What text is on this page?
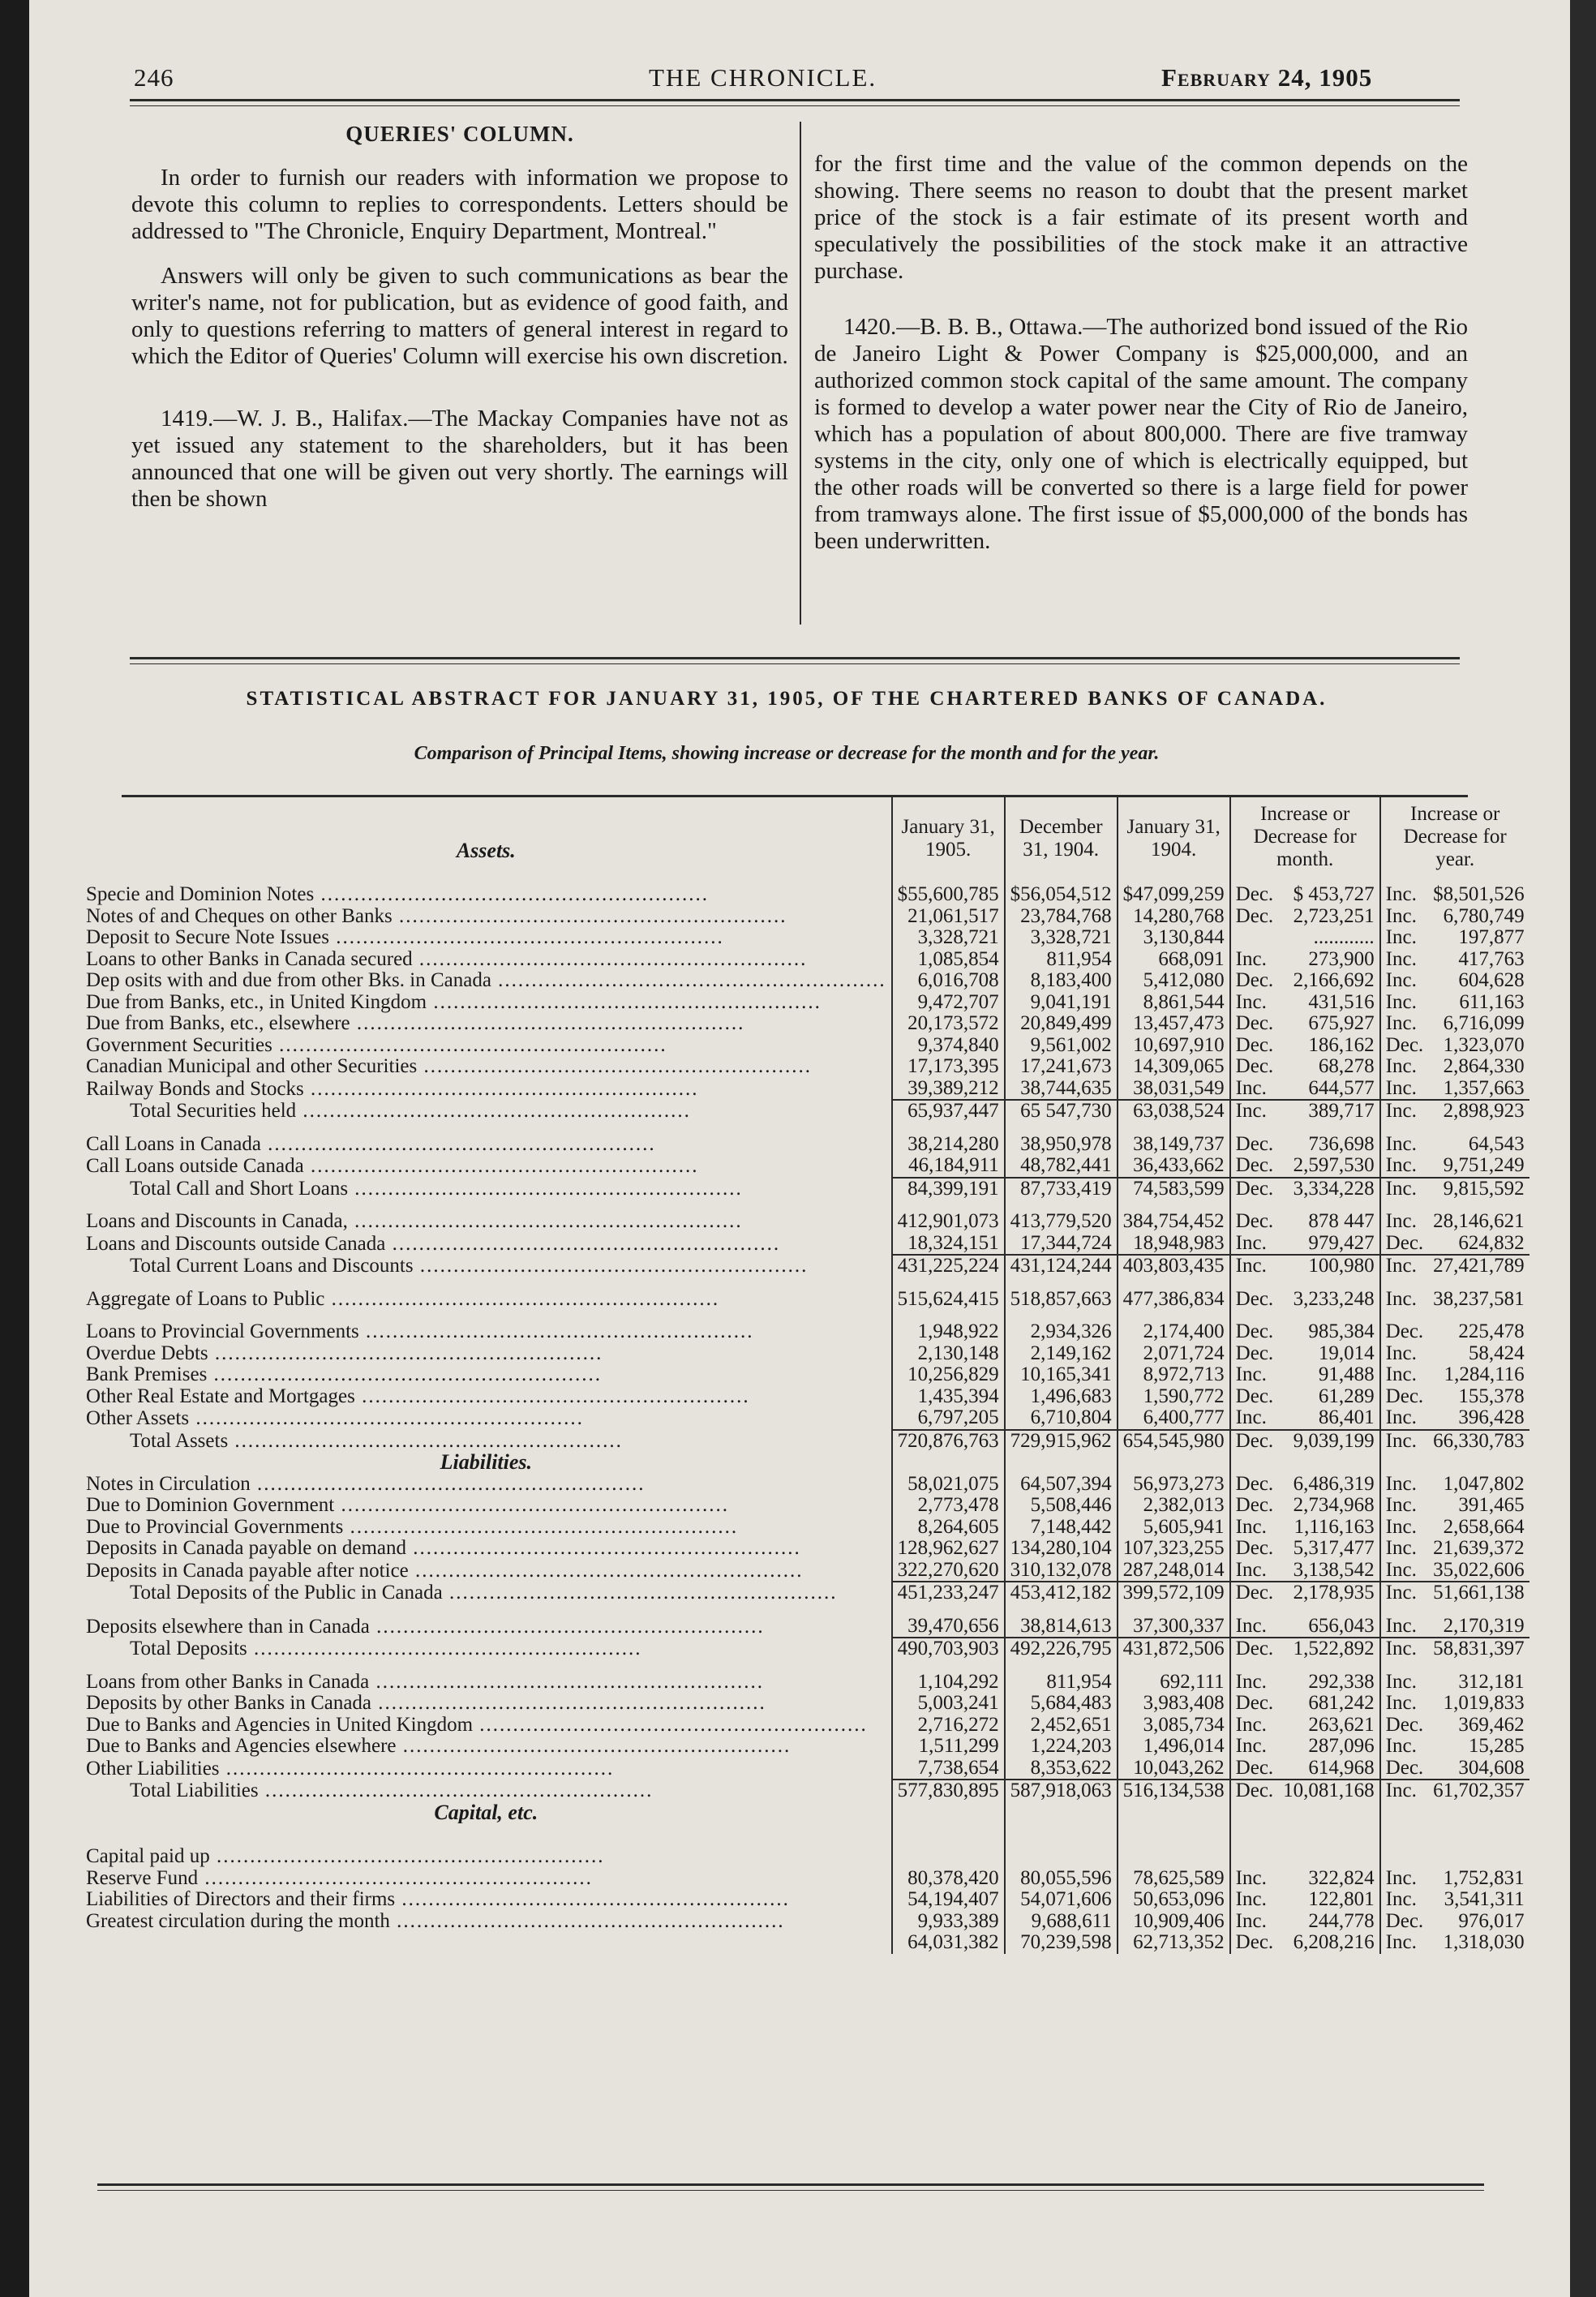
246	THE CHRONICLE.	February 24, 1905
QUERIES' COLUMN.

In order to furnish our readers with information we propose to devote this column to replies to correspondents. Letters should be addressed to "The Chronicle, Enquiry Department, Montreal."

Answers will only be given to such communications as bear the writer's name, not for publication, but as evidence of good faith, and only to questions referring to matters of general interest in regard to which the Editor of Queries' Column will exercise his own discretion.

1419.—W. J. B., Halifax.—The Mackay Companies have not as yet issued any statement to the shareholders, but it has been announced that one will be given out very shortly. The earnings will then be shown

for the first time and the value of the common depends on the showing. There seems no reason to doubt that the present market price of the stock is a fair estimate of its present worth and speculatively the possibilities of the stock make it an attractive purchase.

1420.—B. B. B., Ottawa.—The authorized bond issued of the Rio de Janeiro Light & Power Company is $25,000,000, and an authorized common stock capital of the same amount. The company is formed to develop a water power near the City of Rio de Janeiro, which has a population of about 800,000. There are five tramway systems in the city, only one of which is electrically equipped, but the other roads will be converted so there is a large field for power from tramways alone. The first issue of $5,000,000 of the bonds has been underwritten.

STATISTICAL ABSTRACT FOR JANUARY 31, 1905, OF THE CHARTERED BANKS OF CANADA.
Comparison of Principal Items, showing increase or decrease for the month and for the year.
Assets.	January 31, 1905.	December 31, 1904.	January 31, 1904.	Increase or Decrease for month.		Increase or Decrease for year.	
Specie and Dominion Notes ..........................................................	$55,600,785	$56,054,512	$47,099,259	Dec.	$ 453,727	Inc.	$8,501,526
Notes of and Cheques on other Banks ..........................................................	21,061,517	23,784,768	14,280,768	Dec.	2,723,251	Inc.	6,780,749
Deposit to Secure Note Issues ..........................................................	3,328,721	3,328,721	3,130,844		............	Inc.	197,877
Loans to other Banks in Canada secured ..........................................................	1,085,854	811,954	668,091	Inc.	273,900	Inc.	417,763
Dep osits with and due from other Bks. in Canada ..........................................................	6,016,708	8,183,400	5,412,080	Dec.	2,166,692	Inc.	604,628
Due from Banks, etc., in United Kingdom ..........................................................	9,472,707	9,041,191	8,861,544	Inc.	431,516	Inc.	611,163
Due from Banks, etc., elsewhere ..........................................................	20,173,572	20,849,499	13,457,473	Dec.	675,927	Inc.	6,716,099
Government Securities ..........................................................	9,374,840	9,561,002	10,697,910	Dec.	186,162	Dec.	1,323,070
Canadian Municipal and other Securities ..........................................................	17,173,395	17,241,673	14,309,065	Dec.	68,278	Inc.	2,864,330
Railway Bonds and Stocks ..........................................................	39,389,212	38,744,635	38,031,549	Inc.	644,577	Inc.	1,357,663
Total Securities held ..........................................................	65,937,447	65 547,730	63,038,524	Inc.	389,717	Inc.	2,898,923

Call Loans in Canada ..........................................................	38,214,280	38,950,978	38,149,737	Dec.	736,698	Inc.	64,543
Call Loans outside Canada ..........................................................	46,184,911	48,782,441	36,433,662	Dec.	2,597,530	Inc.	9,751,249
Total Call and Short Loans ..........................................................	84,399,191	87,733,419	74,583,599	Dec.	3,334,228	Inc.	9,815,592

Loans and Discounts in Canada, ..........................................................	412,901,073	413,779,520	384,754,452	Dec.	878 447	Inc.	28,146,621
Loans and Discounts outside Canada ..........................................................	18,324,151	17,344,724	18,948,983	Inc.	979,427	Dec.	624,832
Total Current Loans and Discounts ..........................................................	431,225,224	431,124,244	403,803,435	Inc.	100,980	Inc.	27,421,789

Aggregate of Loans to Public ..........................................................	515,624,415	518,857,663	477,386,834	Dec.	3,233,248	Inc.	38,237,581

Loans to Provincial Governments ..........................................................	1,948,922	2,934,326	2,174,400	Dec.	985,384	Dec.	225,478
Overdue Debts ..........................................................	2,130,148	2,149,162	2,071,724	Dec.	19,014	Inc.	58,424
Bank Premises ..........................................................	10,256,829	10,165,341	8,972,713	Inc.	91,488	Inc.	1,284,116
Other Real Estate and Mortgages ..........................................................	1,435,394	1,496,683	1,590,772	Dec.	61,289	Dec.	155,378
Other Assets ..........................................................	6,797,205	6,710,804	6,400,777	Inc.	86,401	Inc.	396,428
Total Assets ..........................................................	720,876,763	729,915,962	654,545,980	Dec.	9,039,199	Inc.	66,330,783
Liabilities.							
Notes in Circulation ..........................................................	58,021,075	64,507,394	56,973,273	Dec.	6,486,319	Inc.	1,047,802
Due to Dominion Government ..........................................................	2,773,478	5,508,446	2,382,013	Dec.	2,734,968	Inc.	391,465
Due to Provincial Governments ..........................................................	8,264,605	7,148,442	5,605,941	Inc.	1,116,163	Inc.	2,658,664
Deposits in Canada payable on demand ..........................................................	128,962,627	134,280,104	107,323,255	Dec.	5,317,477	Inc.	21,639,372
Deposits in Canada payable after notice ..........................................................	322,270,620	310,132,078	287,248,014	Inc.	3,138,542	Inc.	35,022,606
Total Deposits of the Public in Canada ..........................................................	451,233,247	453,412,182	399,572,109	Dec.	2,178,935	Inc.	51,661,138

Deposits elsewhere than in Canada ..........................................................	39,470,656	38,814,613	37,300,337	Inc.	656,043	Inc.	2,170,319
Total Deposits ..........................................................	490,703,903	492,226,795	431,872,506	Dec.	1,522,892	Inc.	58,831,397

Loans from other Banks in Canada ..........................................................	1,104,292	811,954	692,111	Inc.	292,338	Inc.	312,181
Deposits by other Banks in Canada ..........................................................	5,003,241	5,684,483	3,983,408	Dec.	681,242	Inc.	1,019,833
Due to Banks and Agencies in United Kingdom ..........................................................	2,716,272	2,452,651	3,085,734	Inc.	263,621	Dec.	369,462
Due to Banks and Agencies elsewhere ..........................................................	1,511,299	1,224,203	1,496,014	Inc.	287,096	Inc.	15,285
Other Liabilities ..........................................................	7,738,654	8,353,622	10,043,262	Dec.	614,968	Dec.	304,608
Total Liabilities ..........................................................	577,830,895	587,918,063	516,134,538	Dec.	10,081,168	Inc.	61,702,357
Capital, etc.							

Capital paid up ..........................................................							
Reserve Fund ..........................................................	80,378,420	80,055,596	78,625,589	Inc.	322,824	Inc.	1,752,831
Liabilities of Directors and their firms ..........................................................	54,194,407	54,071,606	50,653,096	Inc.	122,801	Inc.	3,541,311
Greatest circulation during the month ..........................................................	9,933,389	9,688,611	10,909,406	Inc.	244,778	Dec.	976,017
	64,031,382	70,239,598	62,713,352	Dec.	6,208,216	Inc.	1,318,030
